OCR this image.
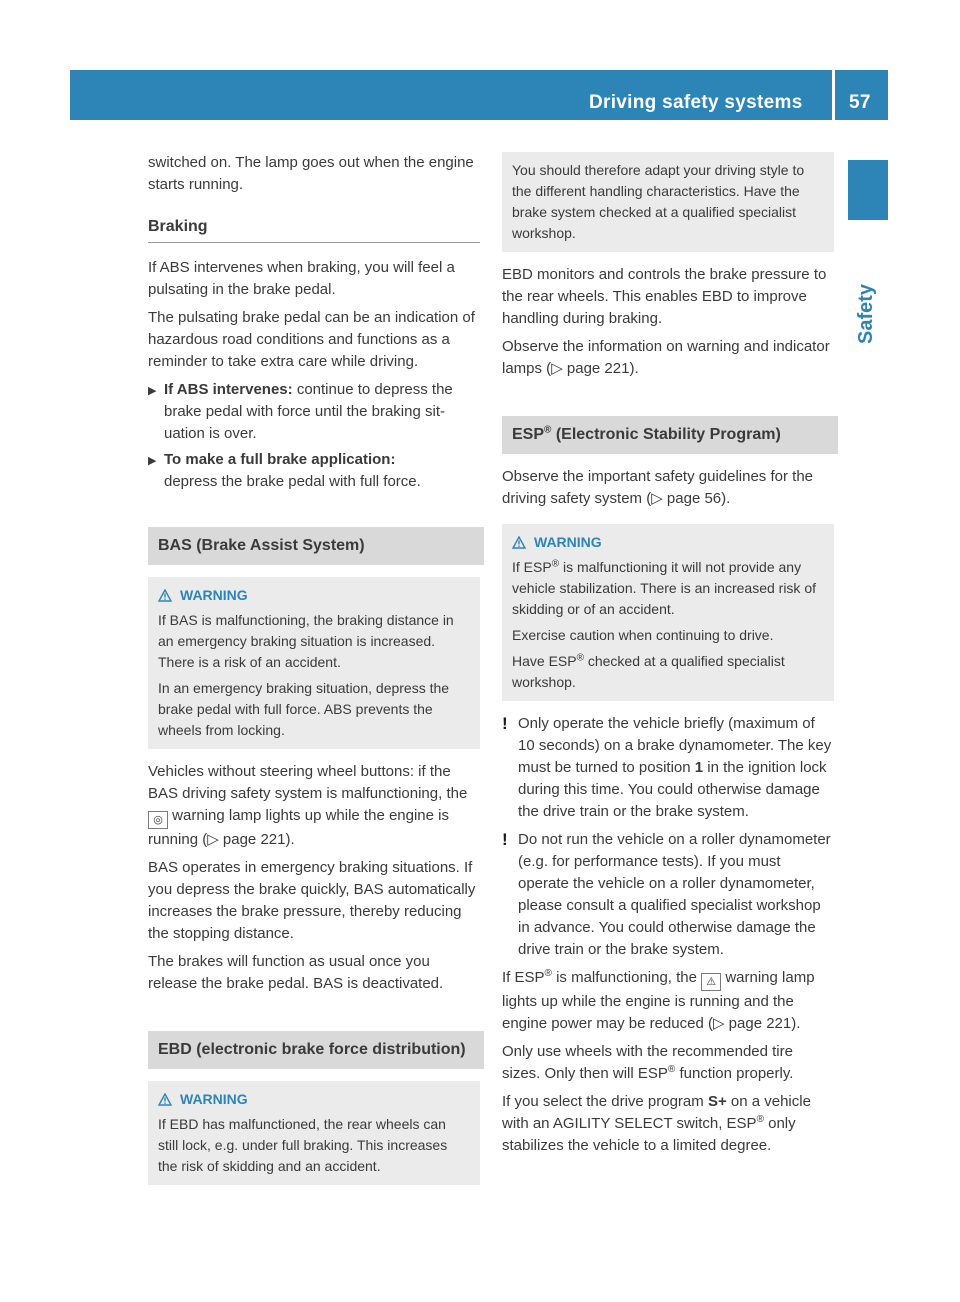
Driving safety systems 57
Safety

switched on. The lamp goes out when the engine starts running.

Braking

If ABS intervenes when braking, you will feel a pulsating in the brake pedal.

The pulsating brake pedal can be an indication of hazardous road conditions and functions as a reminder to take extra care while driving.

▶ If ABS intervenes: continue to depress the brake pedal with force until the braking situation is over.
▶ To make a full brake application:
depress the brake pedal with full force.
BAS (Brake Assist System)
WARNING

If BAS is malfunctioning, the braking distance in an emergency braking situation is increased. There is a risk of an accident.

In an emergency braking situation, depress the brake pedal with full force. ABS prevents the wheels from locking.

Vehicles without steering wheel buttons: if the BAS driving safety system is malfunctioning, the ◎ warning lamp lights up while the engine is running (▷ page 221).

BAS operates in emergency braking situations. If you depress the brake quickly, BAS automatically increases the brake pressure, thereby reducing the stopping distance.

The brakes will function as usual once you release the brake pedal. BAS is deactivated.

EBD (electronic brake force distribution)
WARNING

If EBD has malfunctioned, the rear wheels can still lock, e.g. under full braking. This increases the risk of skidding and an accident.

You should therefore adapt your driving style to the different handling characteristics. Have the brake system checked at a qualified specialist workshop.

EBD monitors and controls the brake pressure to the rear wheels. This enables EBD to improve handling during braking.

Observe the information on warning and indicator lamps (▷ page 221).

ESP® (Electronic Stability Program)

Observe the important safety guidelines for the driving safety system (▷ page 56).

WARNING

If ESP® is malfunctioning it will not provide any vehicle stabilization. There is an increased risk of skidding or of an accident.

Exercise caution when continuing to drive.

Have ESP® checked at a qualified specialist workshop.

! Only operate the vehicle briefly (maximum of 10 seconds) on a brake dynamometer. The key must be turned to position 1 in the ignition lock during this time. You could otherwise damage the drive train or the brake system.
! Do not run the vehicle on a roller dynamometer (e.g. for performance tests). If you must operate the vehicle on a roller dynamometer, please consult a qualified specialist workshop in advance. You could otherwise damage the drive train or the brake system.

If ESP® is malfunctioning, the ⚠ warning lamp lights up while the engine is running and the engine power may be reduced (▷ page 221).

Only use wheels with the recommended tire sizes. Only then will ESP® function properly.

If you select the drive program S+ on a vehicle with an AGILITY SELECT switch, ESP® only stabilizes the vehicle to a limited degree.
